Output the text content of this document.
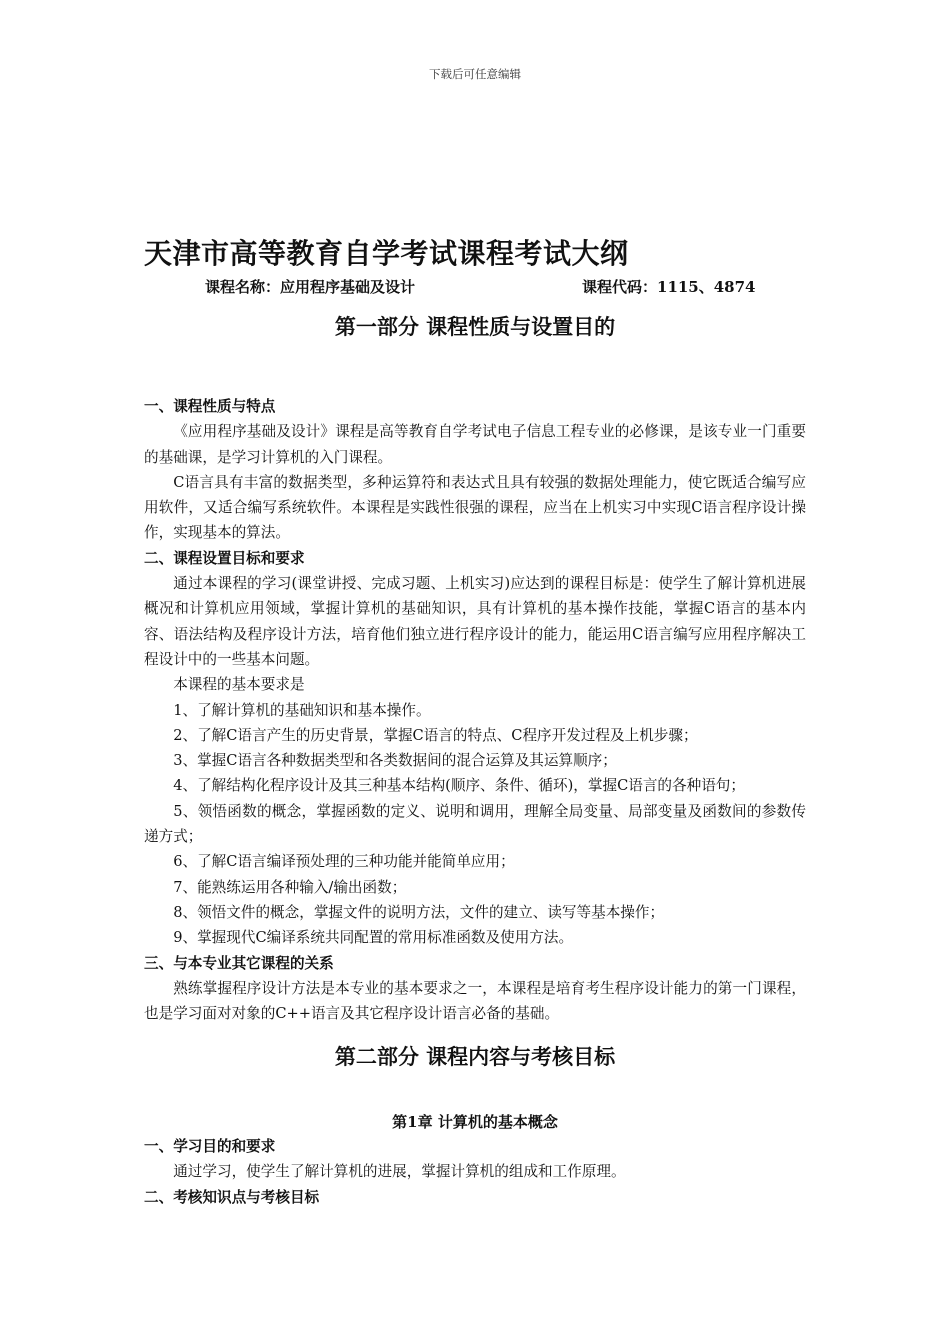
下载后可任意编辑
天津市高等教育自学考试课程考试大纲
课程名称：应用程序基础及设计	课程代码：1115、4874
第一部分 课程性质与设置目的

一、课程性质与特点

《应用程序基础及设计》课程是高等教育自学考试电子信息工程专业的必修课，是该专业一门重要的基础课，是学习计算机的入门课程。

C语言具有丰富的数据类型，多种运算符和表达式且具有较强的数据处理能力，使它既适合编写应用软件，又适合编写系统软件。本课程是实践性很强的课程，应当在上机实习中实现C语言程序设计操作，实现基本的算法。

二、课程设置目标和要求

通过本课程的学习(课堂讲授、完成习题、上机实习)应达到的课程目标是：使学生了解计算机进展概况和计算机应用领域，掌握计算机的基础知识，具有计算机的基本操作技能，掌握C语言的基本内容、语法结构及程序设计方法，培育他们独立进行程序设计的能力，能运用C语言编写应用程序解决工程设计中的一些基本问题。

本课程的基本要求是

1、了解计算机的基础知识和基本操作。

2、了解C语言产生的历史背景，掌握C语言的特点、C程序开发过程及上机步骤；

3、掌握C语言各种数据类型和各类数据间的混合运算及其运算顺序；

4、了解结构化程序设计及其三种基本结构(顺序、条件、循环)，掌握C语言的各种语句；

5、领悟函数的概念，掌握函数的定义、说明和调用，理解全局变量、局部变量及函数间的参数传递方式；

6、了解C语言编译预处理的三种功能并能简单应用；

7、能熟练运用各种输入/输出函数；

8、领悟文件的概念，掌握文件的说明方法，文件的建立、读写等基本操作；

9、掌握现代C编译系统共同配置的常用标准函数及使用方法。

三、与本专业其它课程的关系

熟练掌握程序设计方法是本专业的基本要求之一，本课程是培育考生程序设计能力的第一门课程，也是学习面对对象的C++语言及其它程序设计语言必备的基础。

第二部分 课程内容与考核目标
第1章 计算机的基本概念

一、学习目的和要求

通过学习，使学生了解计算机的进展，掌握计算机的组成和工作原理。

二、考核知识点与考核目标
